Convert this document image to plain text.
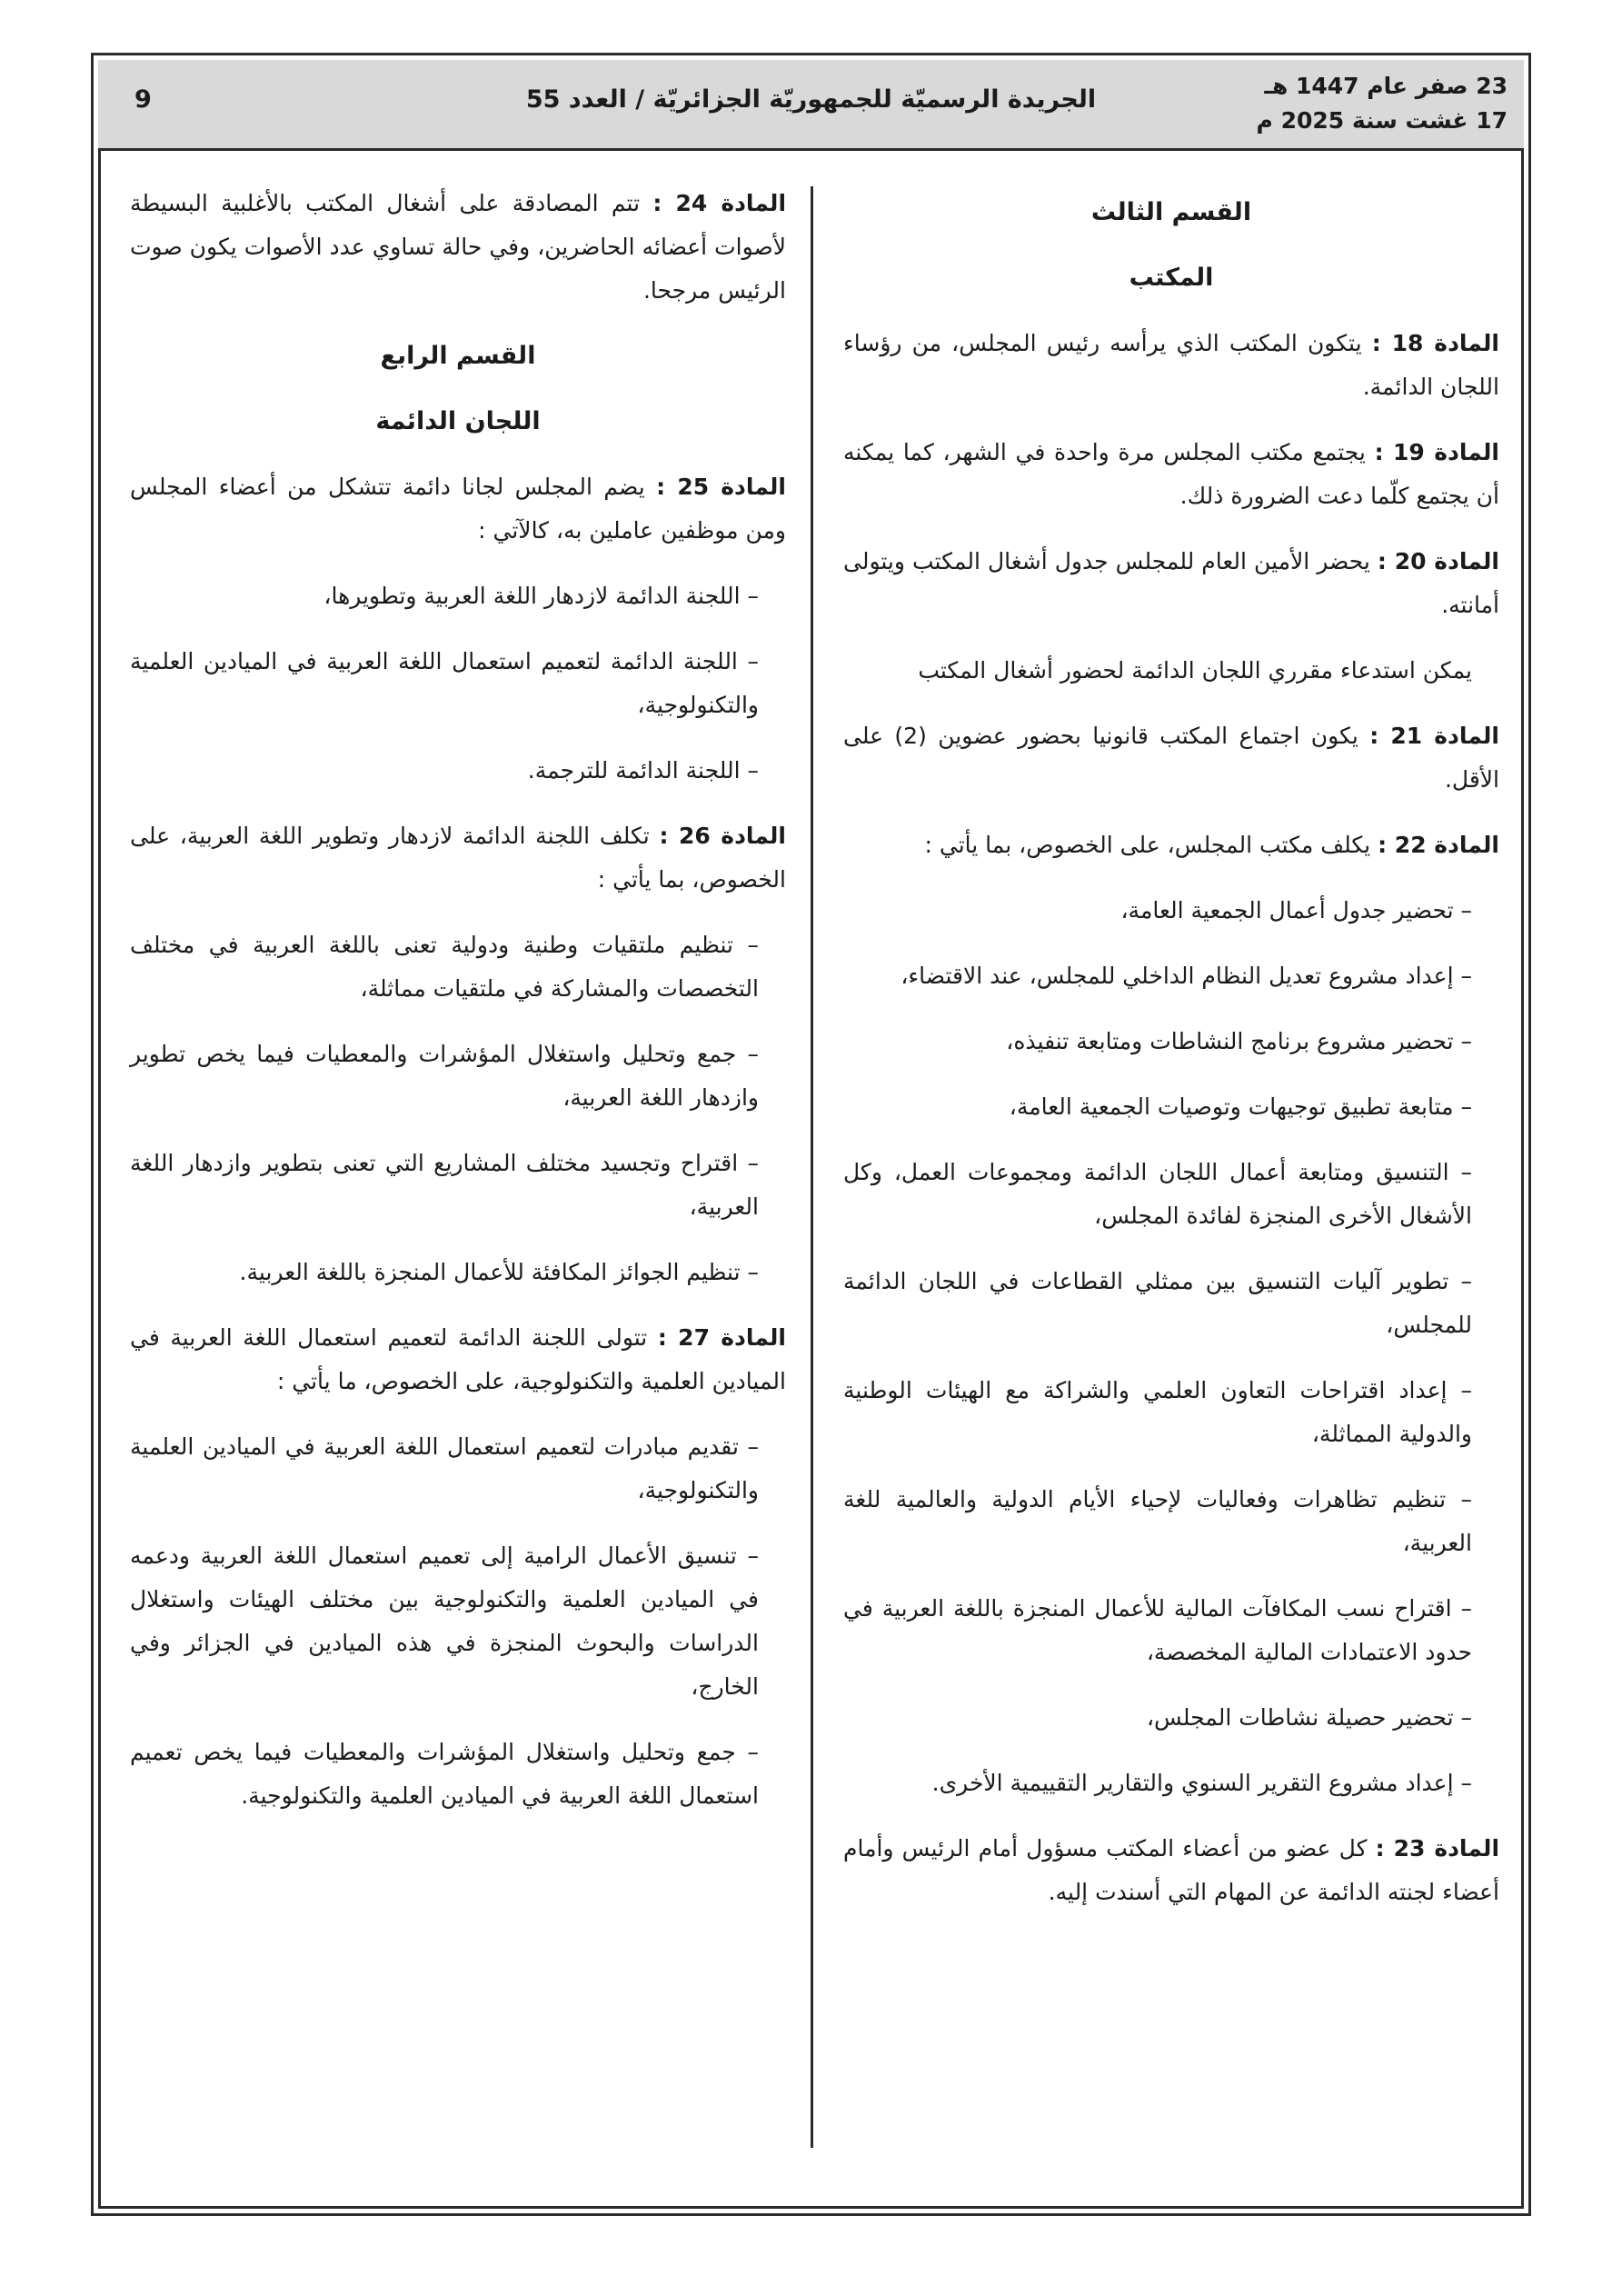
23 صفر عام 1447 هـ
17 غشت سنة 2025 م
الجريدة الرسميّة للجمهوريّة الجزائريّة / العدد 55
9
القسم الثالث
المكتب

المادة 18 : يتكون المكتب الذي يرأسه رئيس المجلس، من رؤساء اللجان الدائمة.

المادة 19 : يجتمع مكتب المجلس مرة واحدة في الشهر، كما يمكنه أن يجتمع كلّما دعت الضرورة ذلك.

المادة 20 : يحضر الأمين العام للمجلس جدول أشغال المكتب ويتولى أمانته.

يمكن استدعاء مقرري اللجان الدائمة لحضور أشغال المكتب

المادة 21 : يكون اجتماع المكتب قانونيا بحضور عضوين (2) على الأقل.

المادة 22 : يكلف مكتب المجلس، على الخصوص، بما يأتي :

– تحضير جدول أعمال الجمعية العامة،

– إعداد مشروع تعديل النظام الداخلي للمجلس، عند الاقتضاء،

– تحضير مشروع برنامج النشاطات ومتابعة تنفيذه،

– متابعة تطبيق توجيهات وتوصيات الجمعية العامة،

– التنسيق ومتابعة أعمال اللجان الدائمة ومجموعات العمل، وكل الأشغال الأخرى المنجزة لفائدة المجلس،

– تطوير آليات التنسيق بين ممثلي القطاعات في اللجان الدائمة للمجلس،

– إعداد اقتراحات التعاون العلمي والشراكة مع الهيئات الوطنية والدولية المماثلة،

– تنظيم تظاهرات وفعاليات لإحياء الأيام الدولية والعالمية للغة العربية،

– اقتراح نسب المكافآت المالية للأعمال المنجزة باللغة العربية في حدود الاعتمادات المالية المخصصة،

– تحضير حصيلة نشاطات المجلس،

– إعداد مشروع التقرير السنوي والتقارير التقييمية الأخرى.

المادة 23 : كل عضو من أعضاء المكتب مسؤول أمام الرئيس وأمام أعضاء لجنته الدائمة عن المهام التي أسندت إليه.

المادة 24 : تتم المصادقة على أشغال المكتب بالأغلبية البسيطة لأصوات أعضائه الحاضرين، وفي حالة تساوي عدد الأصوات يكون صوت الرئيس مرجحا.

القسم الرابع
اللجان الدائمة

المادة 25 : يضم المجلس لجانا دائمة تتشكل من أعضاء المجلس ومن موظفين عاملين به، كالآتي :

– اللجنة الدائمة لازدهار اللغة العربية وتطويرها،

– اللجنة الدائمة لتعميم استعمال اللغة العربية في الميادين العلمية والتكنولوجية،

– اللجنة الدائمة للترجمة.

المادة 26 : تكلف اللجنة الدائمة لازدهار وتطوير اللغة العربية، على الخصوص، بما يأتي :

– تنظيم ملتقيات وطنية ودولية تعنى باللغة العربية في مختلف التخصصات والمشاركة في ملتقيات مماثلة،

– جمع وتحليل واستغلال المؤشرات والمعطيات فيما يخص تطوير وازدهار اللغة العربية،

– اقتراح وتجسيد مختلف المشاريع التي تعنى بتطوير وازدهار اللغة العربية،

– تنظيم الجوائز المكافئة للأعمال المنجزة باللغة العربية.

المادة 27 : تتولى اللجنة الدائمة لتعميم استعمال اللغة العربية في الميادين العلمية والتكنولوجية، على الخصوص، ما يأتي :

– تقديم مبادرات لتعميم استعمال اللغة العربية في الميادين العلمية والتكنولوجية،

– تنسيق الأعمال الرامية إلى تعميم استعمال اللغة العربية ودعمه في الميادين العلمية والتكنولوجية بين مختلف الهيئات واستغلال الدراسات والبحوث المنجزة في هذه الميادين في الجزائر وفي الخارج،

– جمع وتحليل واستغلال المؤشرات والمعطيات فيما يخص تعميم استعمال اللغة العربية في الميادين العلمية والتكنولوجية.
